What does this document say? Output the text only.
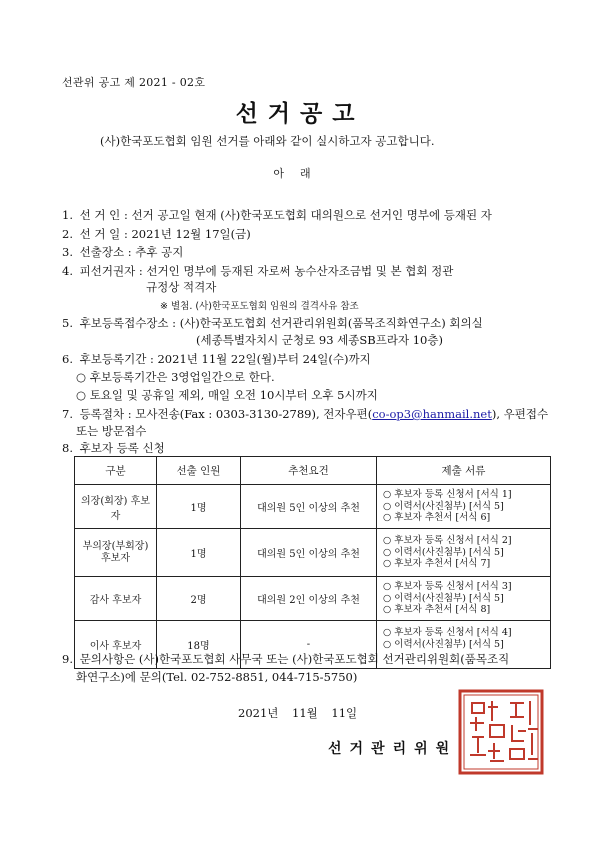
선관위 공고 제 2021 - 02호
선거공고
(사)한국포도협회 임원 선거를 아래와 같이 실시하고자 공고합니다.
아래
1. 선 거 인 : 선거 공고일 현재 (사)한국포도협회 대의원으로 선거인 명부에 등재된 자
2. 선 거 일 : 2021년 12월 17일(금)
3. 선출장소 : 추후 공지
4. 피선거권자 : 선거인 명부에 등재된 자로써 농수산자조금법 및 본 협회 정관
규정상 적격자
※ 별첨. (사)한국포도협회 임원의 결격사유 참조
5. 후보등록접수장소 : (사)한국포도협회 선거관리위원회(품목조직화연구소) 회의실
(세종특별자치시 군청로 93 세종SB프라자 10층)
6. 후보등록기간 : 2021년 11월 22일(월)부터 24일(수)까지
○ 후보등록기간은 3영업일간으로 한다.
○ 토요일 및 공휴일 제외, 매일 오전 10시부터 오후 5시까지
7. 등록절차 : 모사전송(Fax : 0303-3130-2789), 전자우편(co-op3@hanmail.net), 우편접수
또는 방문접수
8. 후보자 등록 신청
구분	선출 인원	추천요건	제출 서류
의장(회장) 후보자	1명	대의원 5인 이상의 추천	○ 후보자 등록 신청서 [서식 1]
○ 이력서(사진첨부) [서식 5]
○ 후보자 추천서 [서식 6]

부의장(부회장) 후보자	1명	대의원 5인 이상의 추천	○ 후보자 등록 신청서 [서식 2]
○ 이력서(사진첨부) [서식 5]
○ 후보자 추천서 [서식 7]

감사 후보자	2명	대의원 2인 이상의 추천	○ 후보자 등록 신청서 [서식 3]
○ 이력서(사진첨부) [서식 5]
○ 후보자 추천서 [서식 8]

이사 후보자	18명	-	○ 후보자 등록 신청서 [서식 4]
○ 이력서(사진첨부) [서식 5]
9. 문의사항은 (사)한국포도협회 사무국 또는 (사)한국포도협회 선거관리위원회(품목조직
화연구소)에 문의(Tel. 02-752-8851, 044-715-5750)
2021년 11월 11일
선거관리위원
